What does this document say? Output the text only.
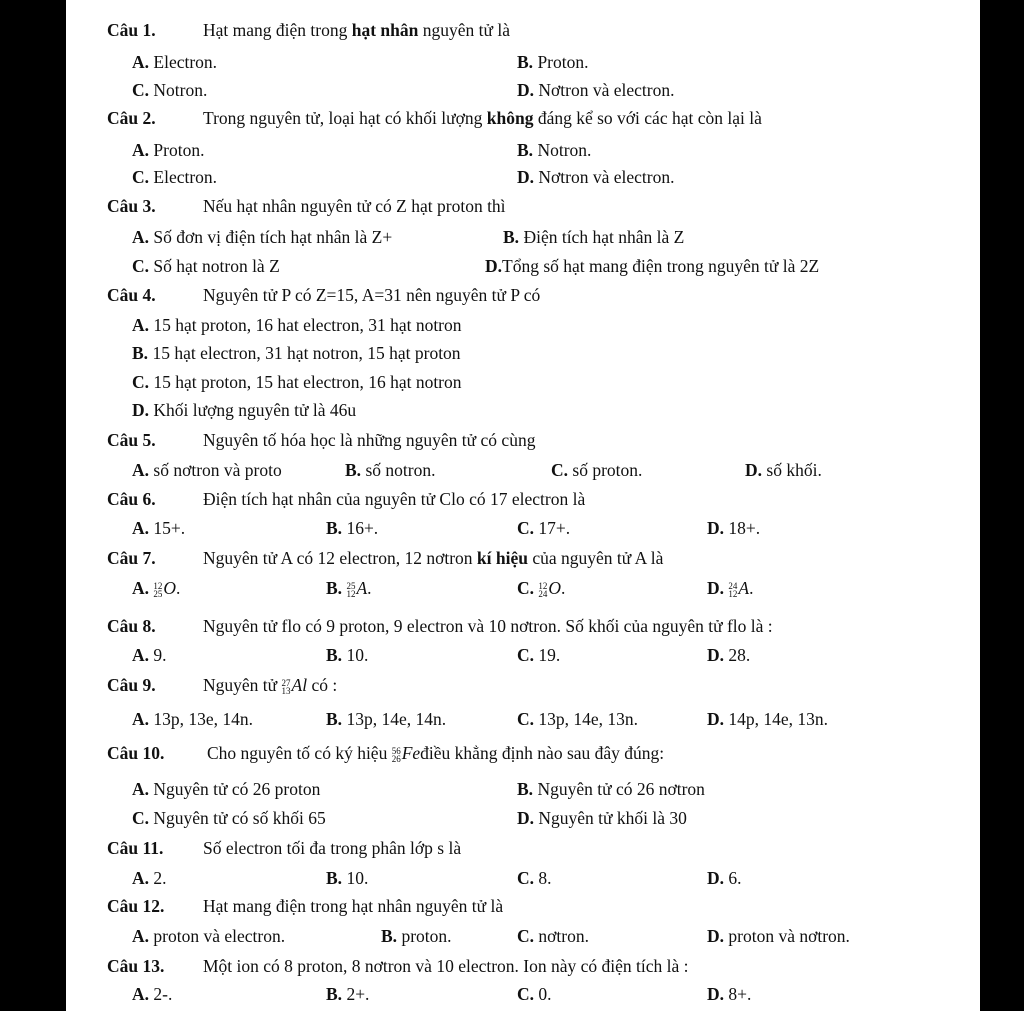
Câu 1.	Hạt mang điện trong hạt nhân nguyên tử là
A. Electron.	B. Proton.
C. Notron.	D. Nơtron và electron.
Câu 2.	Trong nguyên tử, loại hạt có khối lượng không đáng kể so với các hạt còn lại là
A. Proton.	B. Notron.
C. Electron.	D. Nơtron và electron.
Câu 3.	Nếu hạt nhân nguyên tử có Z hạt proton thì
A. Số đơn vị điện tích hạt nhân là Z+	B. Điện tích hạt nhân là Z
C. Số hạt notron là Z	D.Tổng số hạt mang điện trong nguyên tử là 2Z
Câu 4.	Nguyên tử P có Z=15, A=31 nên nguyên tử P có
A. 15 hạt proton, 16 hat electron, 31 hạt notron
B. 15 hạt electron, 31 hạt notron, 15 hạt proton
C. 15 hạt proton, 15 hat electron, 16 hạt notron
D. Khối lượng nguyên tử là 46u
Câu 5.	Nguyên tố hóa học là những nguyên tử có cùng
A. số nơtron và proto	B. số notron.	C. số proton.	D. số khối.
Câu 6.	Điện tích hạt nhân của nguyên tử Clo có 17 electron là
A. 15+.	B. 16+.	C. 17+.	D. 18+.
Câu 7.	Nguyên tử A có 12 electron, 12 nơtron kí hiệu của nguyên tử A là
A. 12
25 O.	B. 25
12 A.	C. 12
24 O.	D. 24
12 A.
Câu 8.	Nguyên tử flo có 9 proton, 9 electron và 10 nơtron. Số khối của nguyên tử flo là :
A. 9.	B. 10.	C. 19.	D. 28.
Câu 9.	Nguyên tử 27
13 Al có :
A. 13p, 13e, 14n.	B. 13p, 14e, 14n.	C. 13p, 14e, 13n.	D. 14p, 14e, 13n.
Câu 10. Cho nguyên tố có ký hiệu 56
26 Feđiều khẳng định nào sau đây đúng:
A. Nguyên tử có 26 proton	B. Nguyên tử có 26 nơtron
C. Nguyên tử có số khối 65	D. Nguyên tử khối là 30
Câu 11. Số electron tối đa trong phân lớp s là
A. 2.	B. 10.	C. 8.	D. 6.
Câu 12. Hạt mang điện trong hạt nhân nguyên tử là
A. proton và electron.	B. proton.	C. nơtron.	D. proton và nơtron.
Câu 13. Một ion có 8 proton, 8 nơtron và 10 electron. Ion này có điện tích là :
A. 2-.	B. 2+.	C. 0.	D. 8+.
